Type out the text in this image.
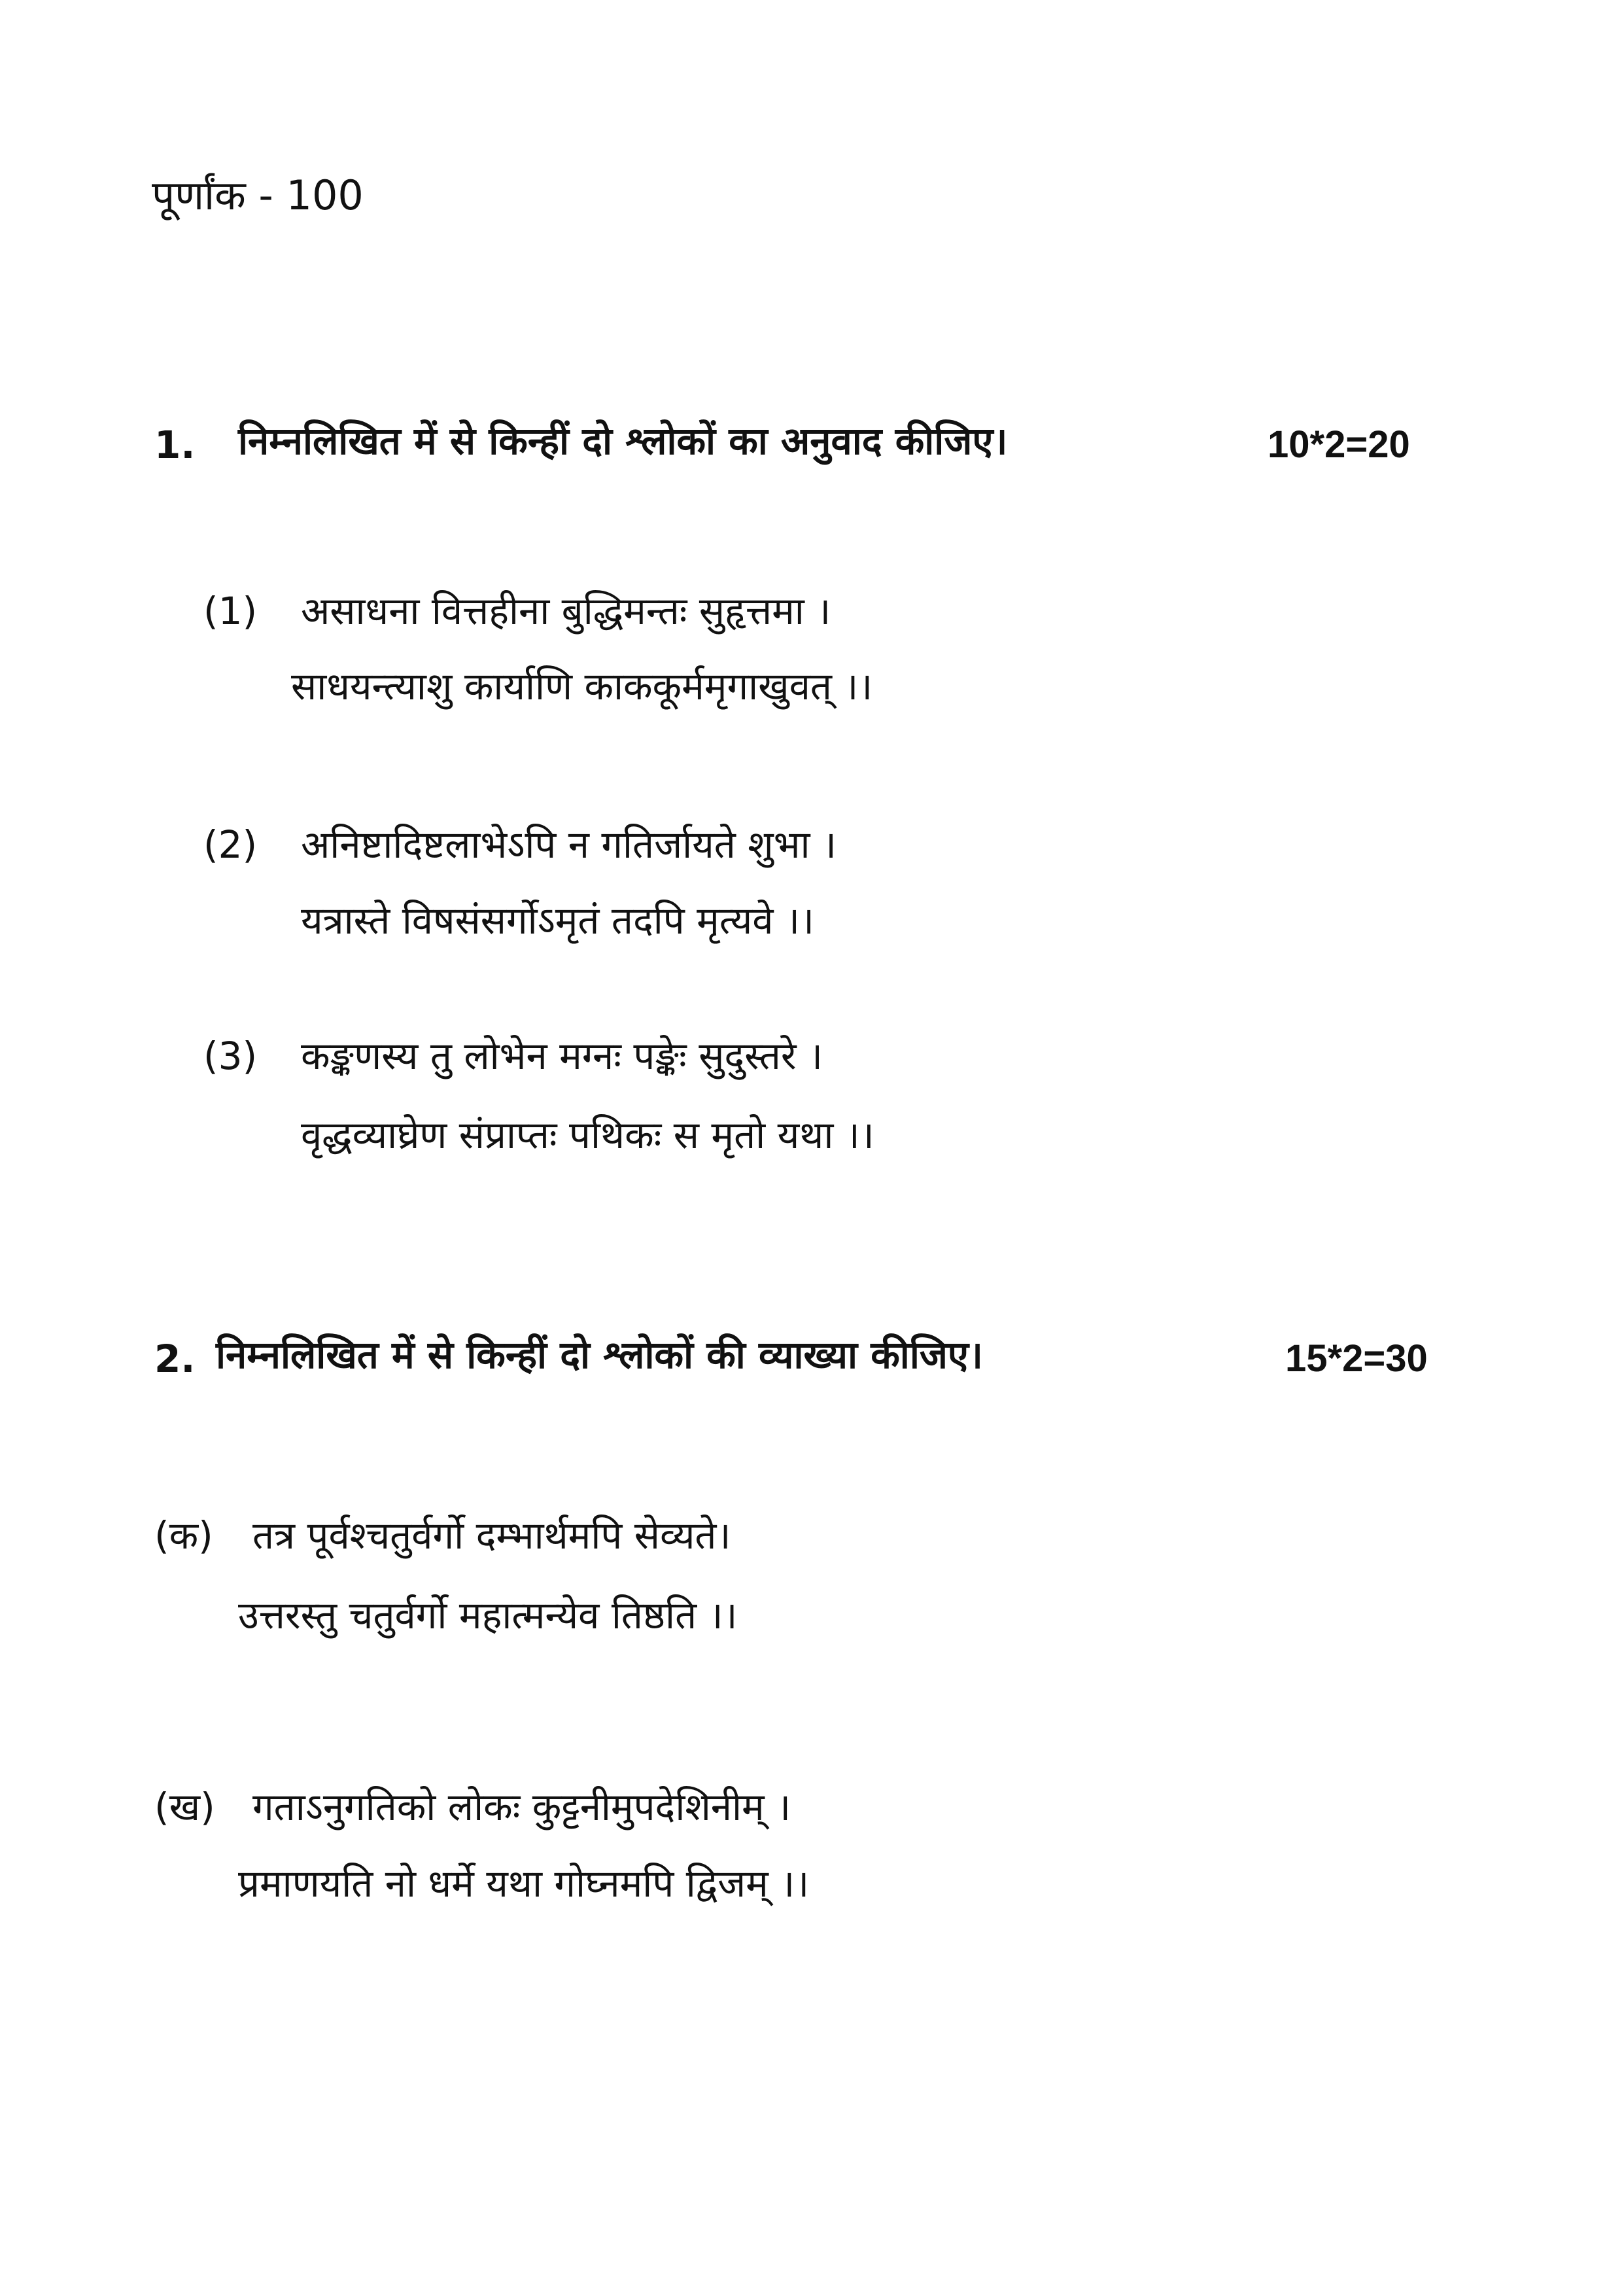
पूर्णांक - 100
1. निम्नलिखित में से किन्हीं दो श्लोकों का अनुवाद कीजिए।	10*2=20
(1) असाधना वित्तहीना बुद्धिमन्तः सुहृत्तमा ।
साधयन्त्याशु कार्याणि काककूर्ममृगाखुवत् ।।
(2) अनिष्टादिष्टलाभेऽपि न गतिर्जायते शुभा ।
यत्रास्ते विषसंसर्गोऽमृतं तदपि मृत्यवे ।।
(3) कङ्कणस्य तु लोभेन मग्नः पङ्केः सुदुस्तरे ।
वृद्धव्याघ्रेण संप्राप्तः पथिकः स मृतो यथा ।।
2. निम्नलिखित में से किन्हीं दो श्लोकों की व्याख्या कीजिए।	15*2=30
(क) तत्र पूर्वश्चतुर्वर्गो दम्भार्थमपि सेव्यते।
उत्तरस्तु चतुर्वर्गो महात्मन्येव तिष्ठति ।।
(ख) गताऽनुगतिको लोकः कुट्टनीमुपदेशिनीम् ।
प्रमाणयति नो धर्मे यथा गोघ्नमपि द्विजम् ।।
